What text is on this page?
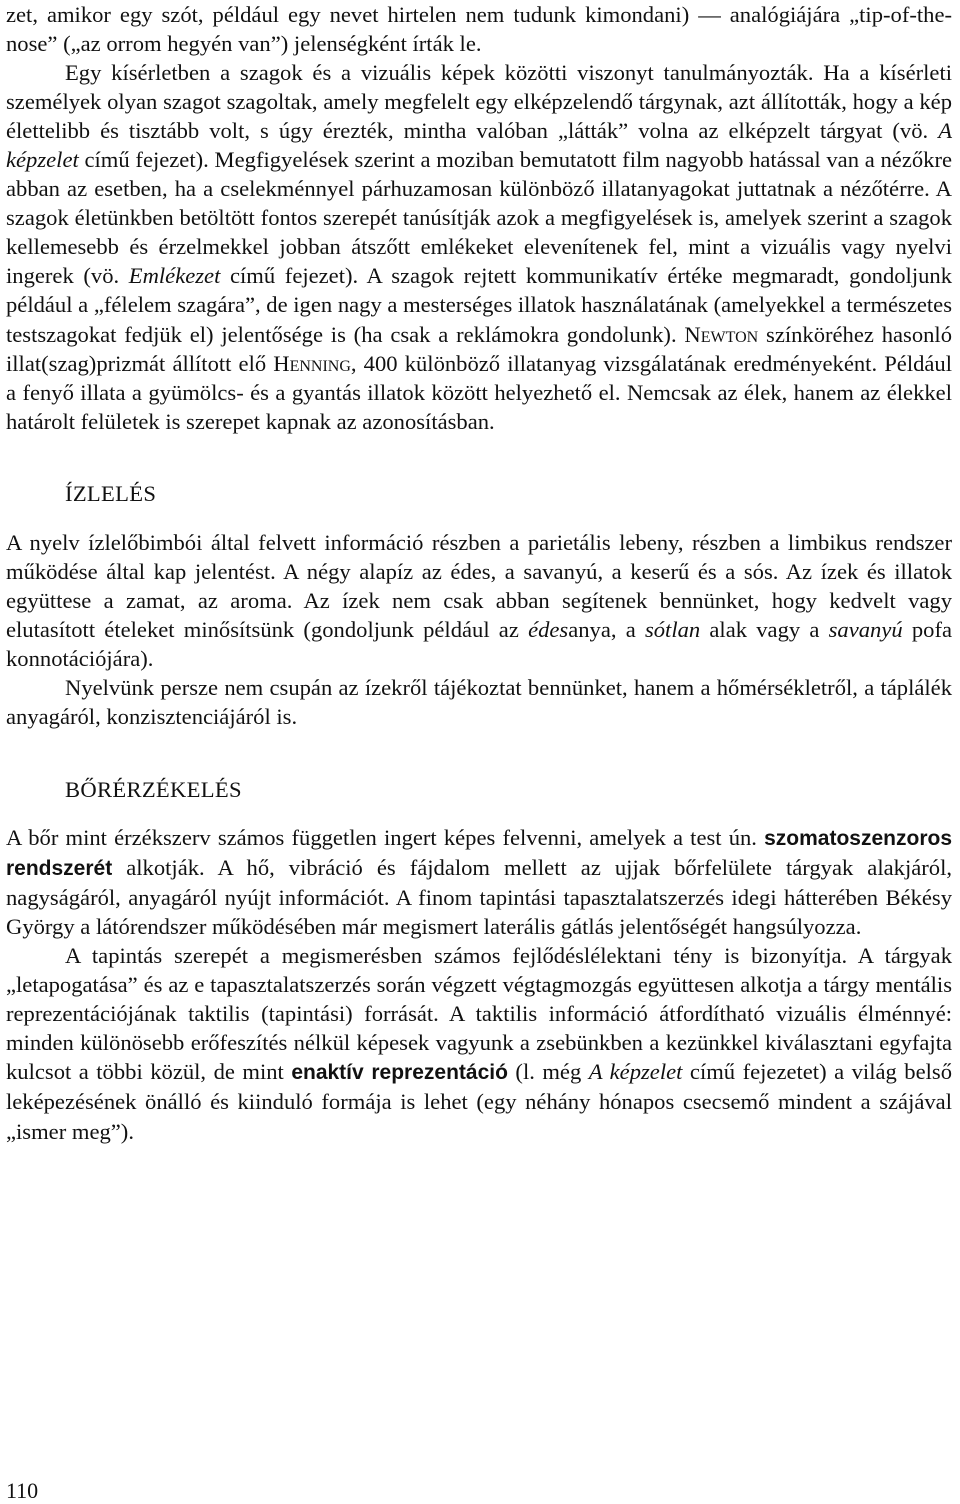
zet, amikor egy szót, például egy nevet hirtelen nem tudunk kimondani) — analógiájára „tip-of-the-nose” („az orrom hegyén van”) jelenségként írták le.

Egy kísérletben a szagok és a vizuális képek közötti viszonyt tanulmányozták. Ha a kísérleti személyek olyan szagot szagoltak, amely megfelelt egy elképzelendő tárgynak, azt állították, hogy a kép élettelibb és tisztább volt, s úgy érezték, mintha valóban „látták” volna az elképzelt tárgyat (vö. A képzelet című fejezet). Megfigyelések szerint a moziban bemutatott film nagyobb hatással van a nézőkre abban az esetben, ha a cselekménnyel párhuzamosan különböző illatanyagokat juttatnak a nézőtérre. A szagok életünkben betöltött fontos szerepét tanúsítják azok a megfigyelések is, amelyek szerint a szagok kellemesebb és érzelmekkel jobban átszőtt emlékeket elevenítenek fel, mint a vizuális vagy nyelvi ingerek (vö. Emlékezet című fejezet). A szagok rejtett kommunikatív értéke megmaradt, gondoljunk például a „félelem szagára”, de igen nagy a mesterséges illatok használatának (amelyekkel a természetes testszagokat fedjük el) jelentősége is (ha csak a reklámokra gondolunk). Newton színköréhez hasonló illat(szag)prizmát állított elő Henning, 400 különböző illatanyag vizsgálatának eredményeként. Például a fenyő illata a gyümölcs- és a gyantás illatok között helyezhető el. Nemcsak az élek, hanem az élekkel határolt felületek is szerepet kapnak az azonosításban.

ÍZLELÉS

A nyelv ízlelőbimbói által felvett információ részben a parietális lebeny, részben a limbikus rendszer működése által kap jelentést. A négy alapíz az édes, a savanyú, a keserű és a sós. Az ízek és illatok együttese a zamat, az aroma. Az ízek nem csak abban segítenek bennünket, hogy kedvelt vagy elutasított ételeket minősítsünk (gondoljunk például az édesanya, a sótlan alak vagy a savanyú pofa konnotációjára).

Nyelvünk persze nem csupán az ízekről tájékoztat bennünket, hanem a hőmérsékletről, a táplálék anyagáról, konzisztenciájáról is.

BŐRÉRZÉKELÉS

A bőr mint érzékszerv számos független ingert képes felvenni, amelyek a test ún. szomatoszenzoros rendszerét alkotják. A hő, vibráció és fájdalom mellett az ujjak bőrfelülete tárgyak alakjáról, nagyságáról, anyagáról nyújt információt. A finom tapintási tapasztalatszerzés idegi hátterében Békésy György a látórendszer működésében már megismert laterális gátlás jelentőségét hangsúlyozza.

A tapintás szerepét a megismerésben számos fejlődéslélektani tény is bizonyítja. A tárgyak „letapogatása” és az e tapasztalatszerzés során végzett végtagmozgás együttesen alkotja a tárgy mentális reprezentációjának taktilis (tapintási) forrását. A taktilis információ átfordítható vizuális élménnyé: minden különösebb erőfeszítés nélkül képesek vagyunk a zsebünkben a kezünkkel kiválasztani egyfajta kulcsot a többi közül, de mint enaktív reprezentáció (l. még A képzelet című fejezetet) a világ belső leképezésének önálló és kiinduló formája is lehet (egy néhány hónapos csecsemő mindent a szájával „ismer meg”).

110
